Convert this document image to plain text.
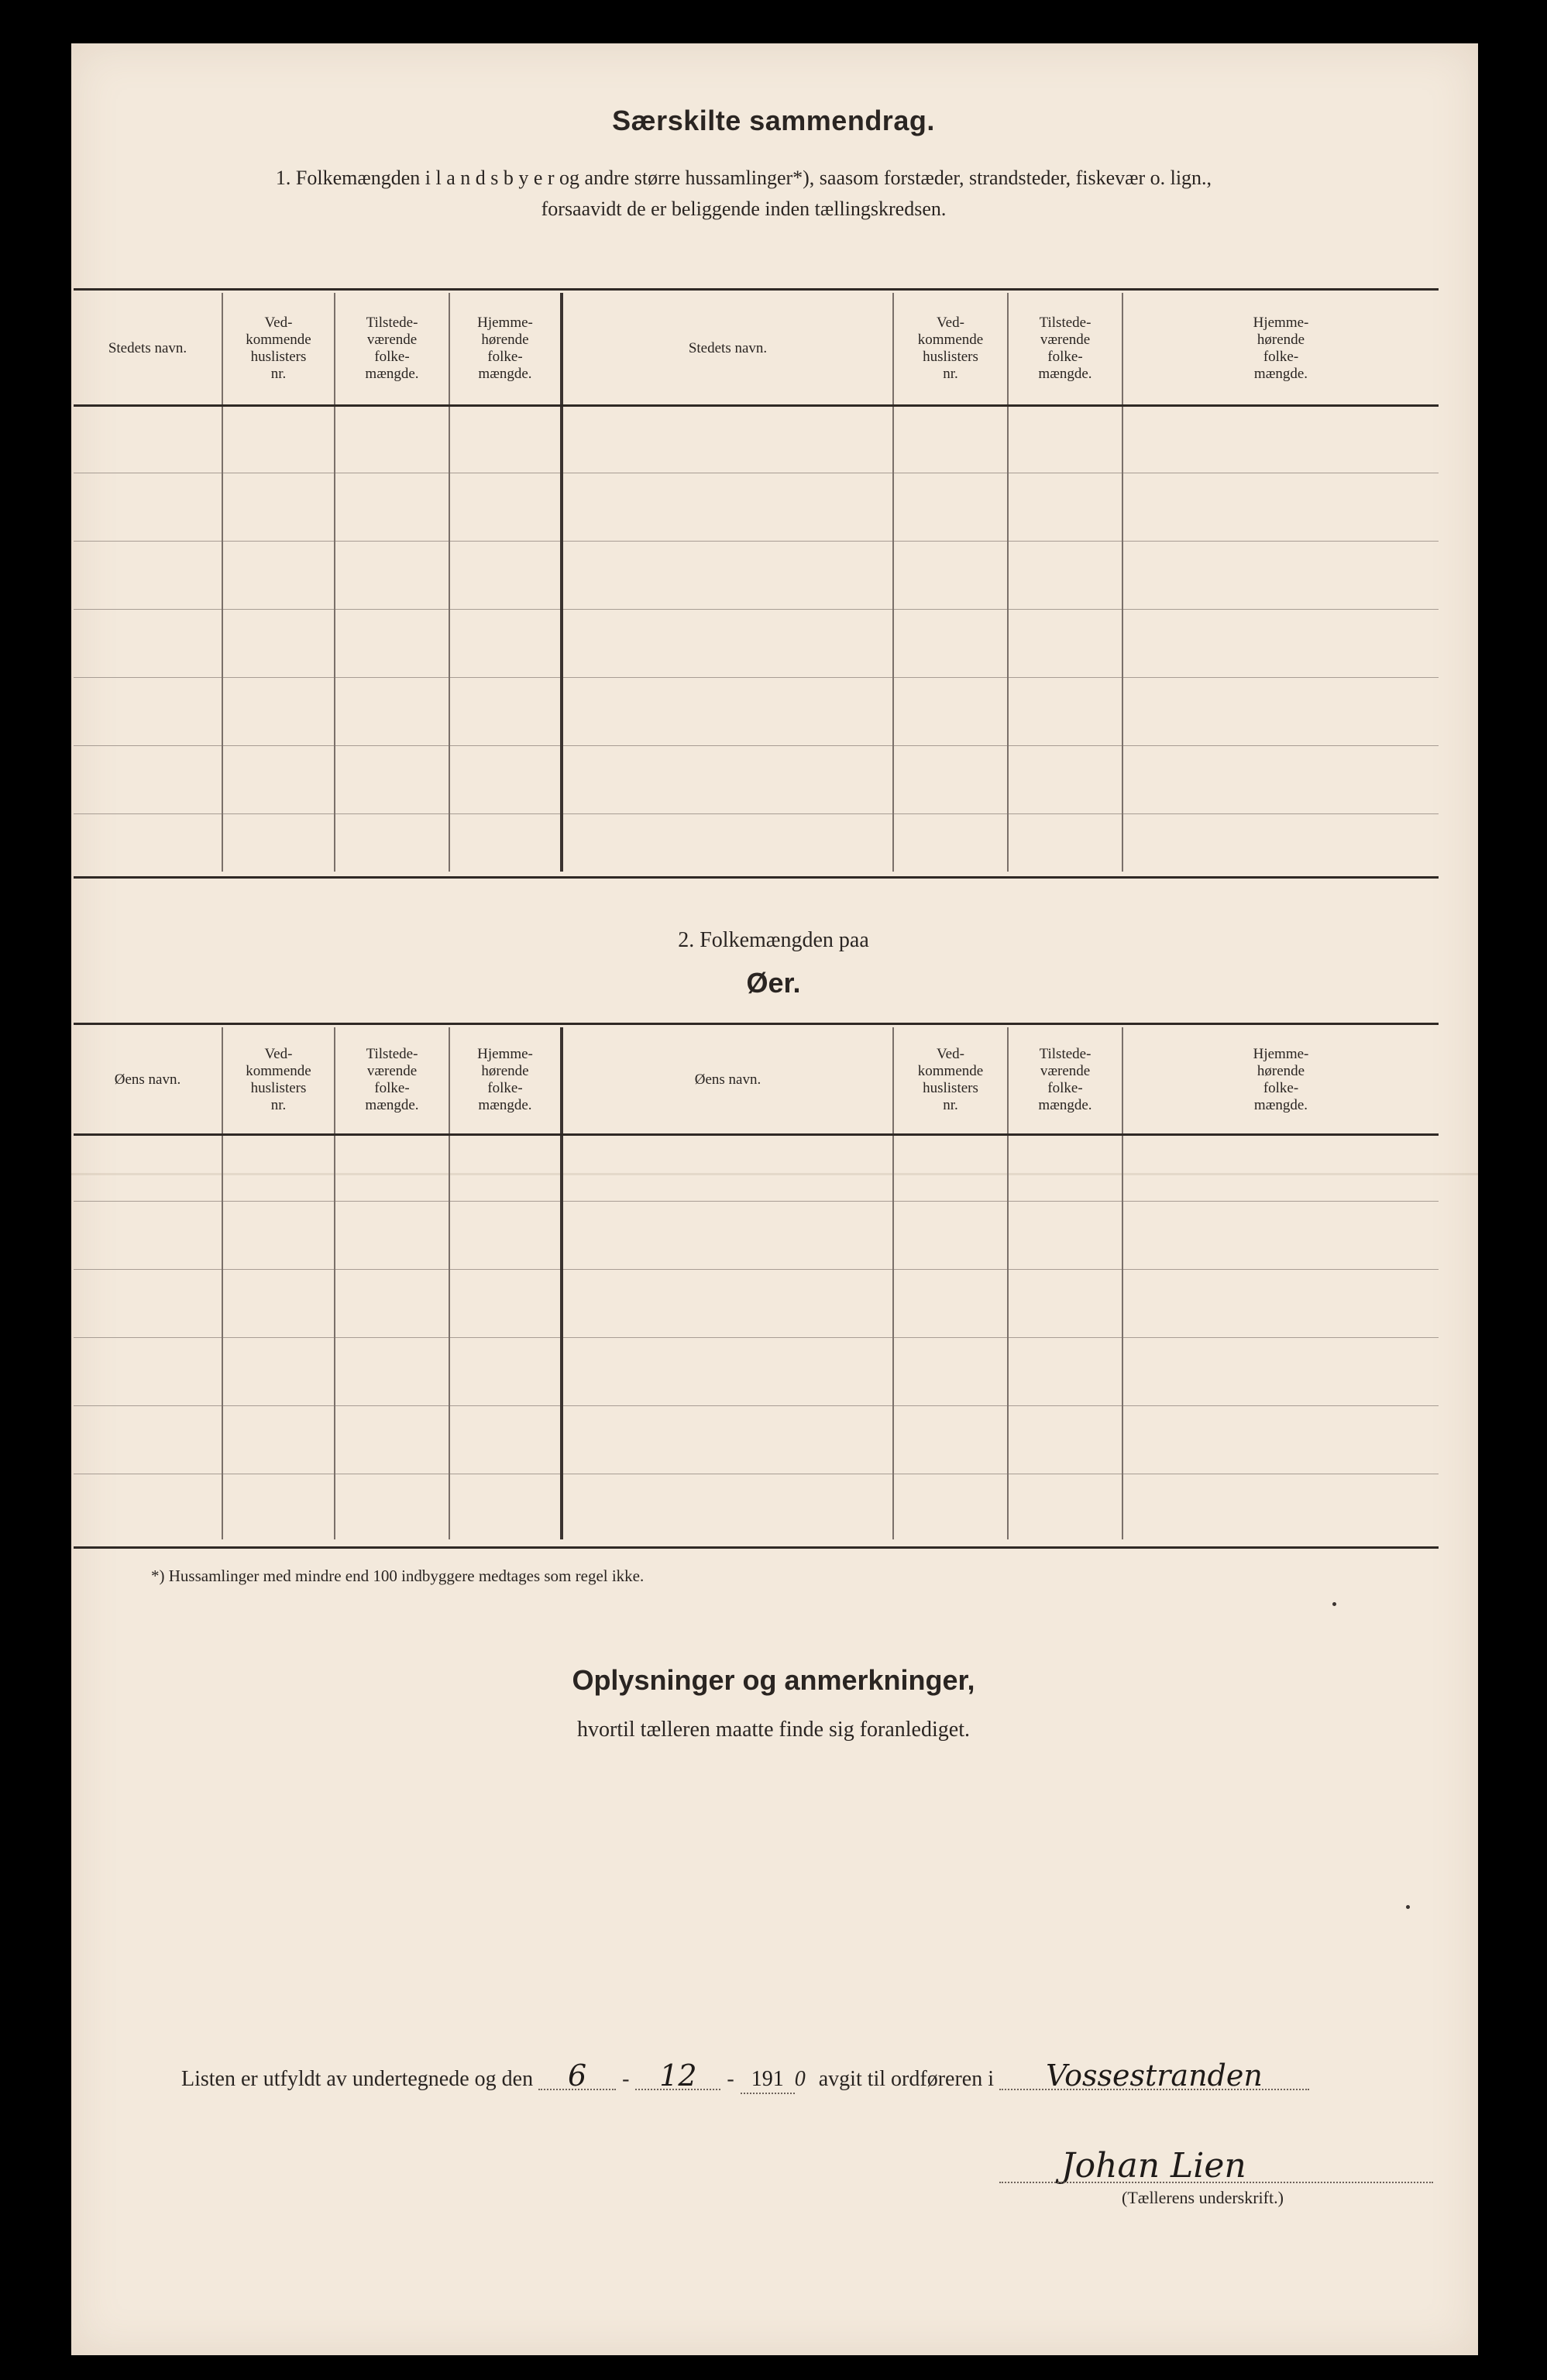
Særskilte sammendrag.
1. Folkemængden i l a n d s b y e r og andre større hussamlinger*), saasom forstæder, strandsteder, fiskevær o. lign.,
forsaavidt de er beliggende inden tællingskredsen.
Stedets navn.	Ved-
kommende
huslisters
nr.	Tilstede-
værende
folke-
mængde.	Hjemme-
hørende
folke-
mængde.	Stedets navn.	Ved-
kommende
huslisters
nr.	Tilstede-
værende
folke-
mængde.	Hjemme-
hørende
folke-
mængde.

2. Folkemængden paa
Øer.
Øens navn.	Ved-
kommende
huslisters
nr.	Tilstede-
værende
folke-
mængde.	Hjemme-
hørende
folke-
mængde.	Øens navn.	Ved-
kommende
huslisters
nr.	Tilstede-
værende
folke-
mængde.	Hjemme-
hørende
folke-
mængde.

*) Hussamlinger med mindre end 100 indbyggere medtages som regel ikke.
Oplysninger og anmerkninger,
hvortil tælleren maatte finde sig foranlediget.
Listen er utfyldt av undertegnede og den 6 - 12 - 191 0 avgit til ordføreren i Vossestranden
Johan Lien
(Tællerens underskrift.)
